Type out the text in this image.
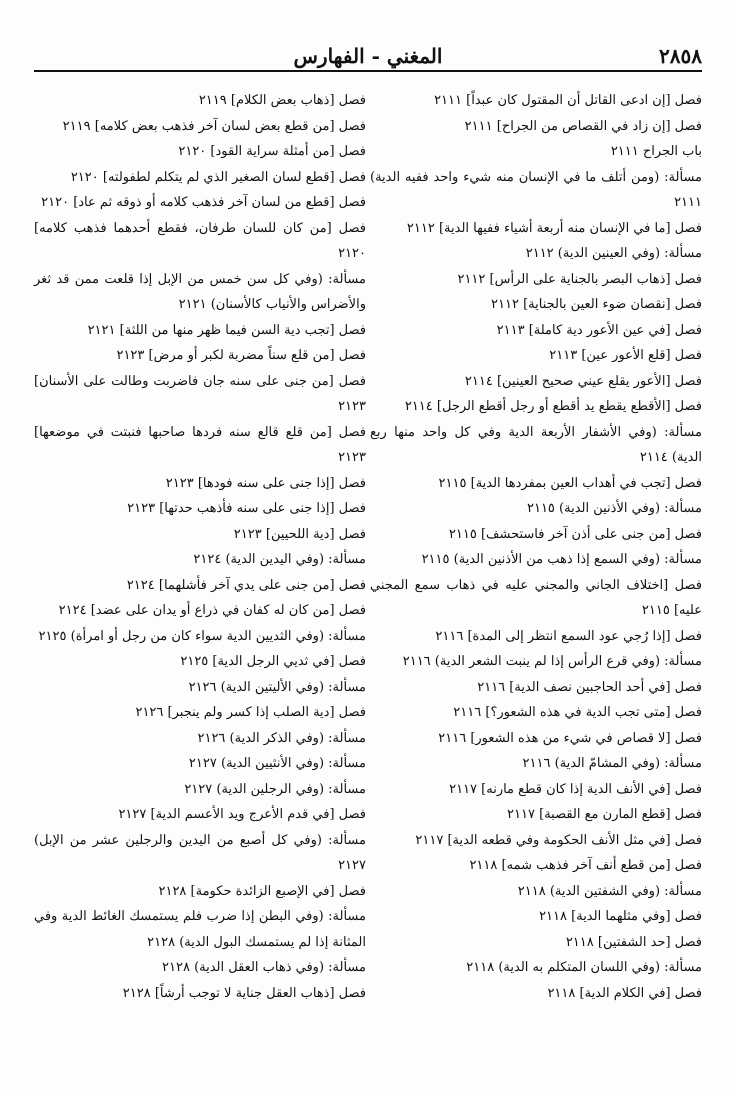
٢٨٥٨
المغني - الفهارس

فصل [إن ادعى القاتل أن المقتول كان عبداً] ٢١١١

فصل [إن زاد في القصاص من الجراح] ٢١١١

باب الجراح ٢١١١

مسألة: (ومن أتلف ما في الإنسان منه شيء واحد ففيه الدية) ٢١١١

فصل [ما في الإنسان منه أربعة أشياء ففيها الدية] ٢١١٢

مسألة: (وفي العينين الدية) ٢١١٢

فصل [ذهاب البصر بالجناية على الرأس] ٢١١٢

فصل [نقصان ضوء العين بالجناية] ٢١١٢

فصل [في عين الأعور دية كاملة] ٢١١٣

فصل [قلع الأعور عين] ٢١١٣

فصل [الأعور يقلع عيني صحيح العينين] ٢١١٤

فصل [الأقطع يقطع يد أقطع أو رجل أقطع الرجل] ٢١١٤

مسألة: (وفي الأشفار الأربعة الدية وفي كل واحد منها ربع الدية) ٢١١٤

فصل [تجب في أهداب العين بمفردها الدية] ٢١١٥

مسألة: (وفي الأذنين الدية) ٢١١٥

فصل [من جنى على أذن آخر فاستحشف] ٢١١٥

مسألة: (وفي السمع إذا ذهب من الأذنين الدية) ٢١١٥

فصل [اختلاف الجاني والمجني عليه في ذهاب سمع المجني عليه] ٢١١٥

فصل [إذا رُجي عود السمع انتظر إلى المدة] ٢١١٦

مسألة: (وفي قرع الرأس إذا لم ينبت الشعر الدية) ٢١١٦

فصل [في أحد الحاجبين نصف الدية] ٢١١٦

فصل [متى تجب الدية في هذه الشعور؟] ٢١١٦

فصل [لا قصاص في شيء من هذه الشعور] ٢١١٦

مسألة: (وفي المشامّ الدية) ٢١١٦

فصل [في الأنف الدية إذا كان قطع مارنه] ٢١١٧

فصل [قطع المارن مع القصبة] ٢١١٧

فصل [في مثل الأنف الحكومة وفي قطعه الدية] ٢١١٧

فصل [من قطع أنف آخر فذهب شمه] ٢١١٨

مسألة: (وفي الشفتين الدية) ٢١١٨

فصل [وفي مثلهما الدية] ٢١١٨

فصل [حد الشفتين] ٢١١٨

مسألة: (وفي اللسان المتكلم به الدية) ٢١١٨

فصل [في الكلام الدية] ٢١١٨

فصل [ذهاب بعض الكلام] ٢١١٩

فصل [من قطع بعض لسان آخر فذهب بعض كلامه] ٢١١٩

فصل [من أمثلة سراية القود] ٢١٢٠

فصل [قطع لسان الصغير الذي لم يتكلم لطفولته] ٢١٢٠

فصل [قطع من لسان آخر فذهب كلامه أو ذوقه ثم عاد] ٢١٢٠

فصل [من كان للسان طرفان، فقطع أحدهما فذهب كلامه] ٢١٢٠

مسألة: (وفي كل سن خمس من الإبل إذا قلعت ممن قد ثغر والأضراس والأنياب كالأسنان) ٢١٢١

فصل [تجب دية السن فيما ظهر منها من اللثة] ٢١٢١

فصل [من قلع سناً مضربة لكبر أو مرض] ٢١٢٣

فصل [من جنى على سنه جان فاضربت وطالت على الأسنان] ٢١٢٣

فصل [من قلع قالع سنه فردها صاحبها فنبتت في موضعها] ٢١٢٣

فصل [إذا جنى على سنه فودها] ٢١٢٣

فصل [إذا جنى على سنه فأذهب حدتها] ٢١٢٣

فصل [دية اللحيين] ٢١٢٣

مسألة: (وفي اليدين الدية) ٢١٢٤

فصل [من جنى على يدي آخر فأشلهما] ٢١٢٤

فصل [من كان له كفان في ذراع أو يدان على عضد] ٢١٢٤

مسألة: (وفي الثديين الدية سواء كان من رجل أو امرأة) ٢١٢٥

فصل [في ثديي الرجل الدية] ٢١٢٥

مسألة: (وفي الأليتين الدية) ٢١٢٦

فصل [دية الصلب إذا كسر ولم ينجبر] ٢١٢٦

مسألة: (وفي الذكر الدية) ٢١٢٦

مسألة: (وفي الأنثيين الدية) ٢١٢٧

مسألة: (وفي الرجلين الدية) ٢١٢٧

فصل [في قدم الأعرج ويد الأعسم الدية] ٢١٢٧

مسألة: (وفي كل أصبع من اليدين والرجلين عشر من الإبل) ٢١٢٧

فصل [في الإصبع الزائدة حكومة] ٢١٢٨

مسألة: (وفي البطن إذا ضرب فلم يستمسك الغائط الدية وفي المثانة إذا لم يستمسك البول الدية) ٢١٢٨

مسألة: (وفي ذهاب العقل الدية) ٢١٢٨

فصل [ذهاب العقل جناية لا توجب أرشاً] ٢١٢٨
